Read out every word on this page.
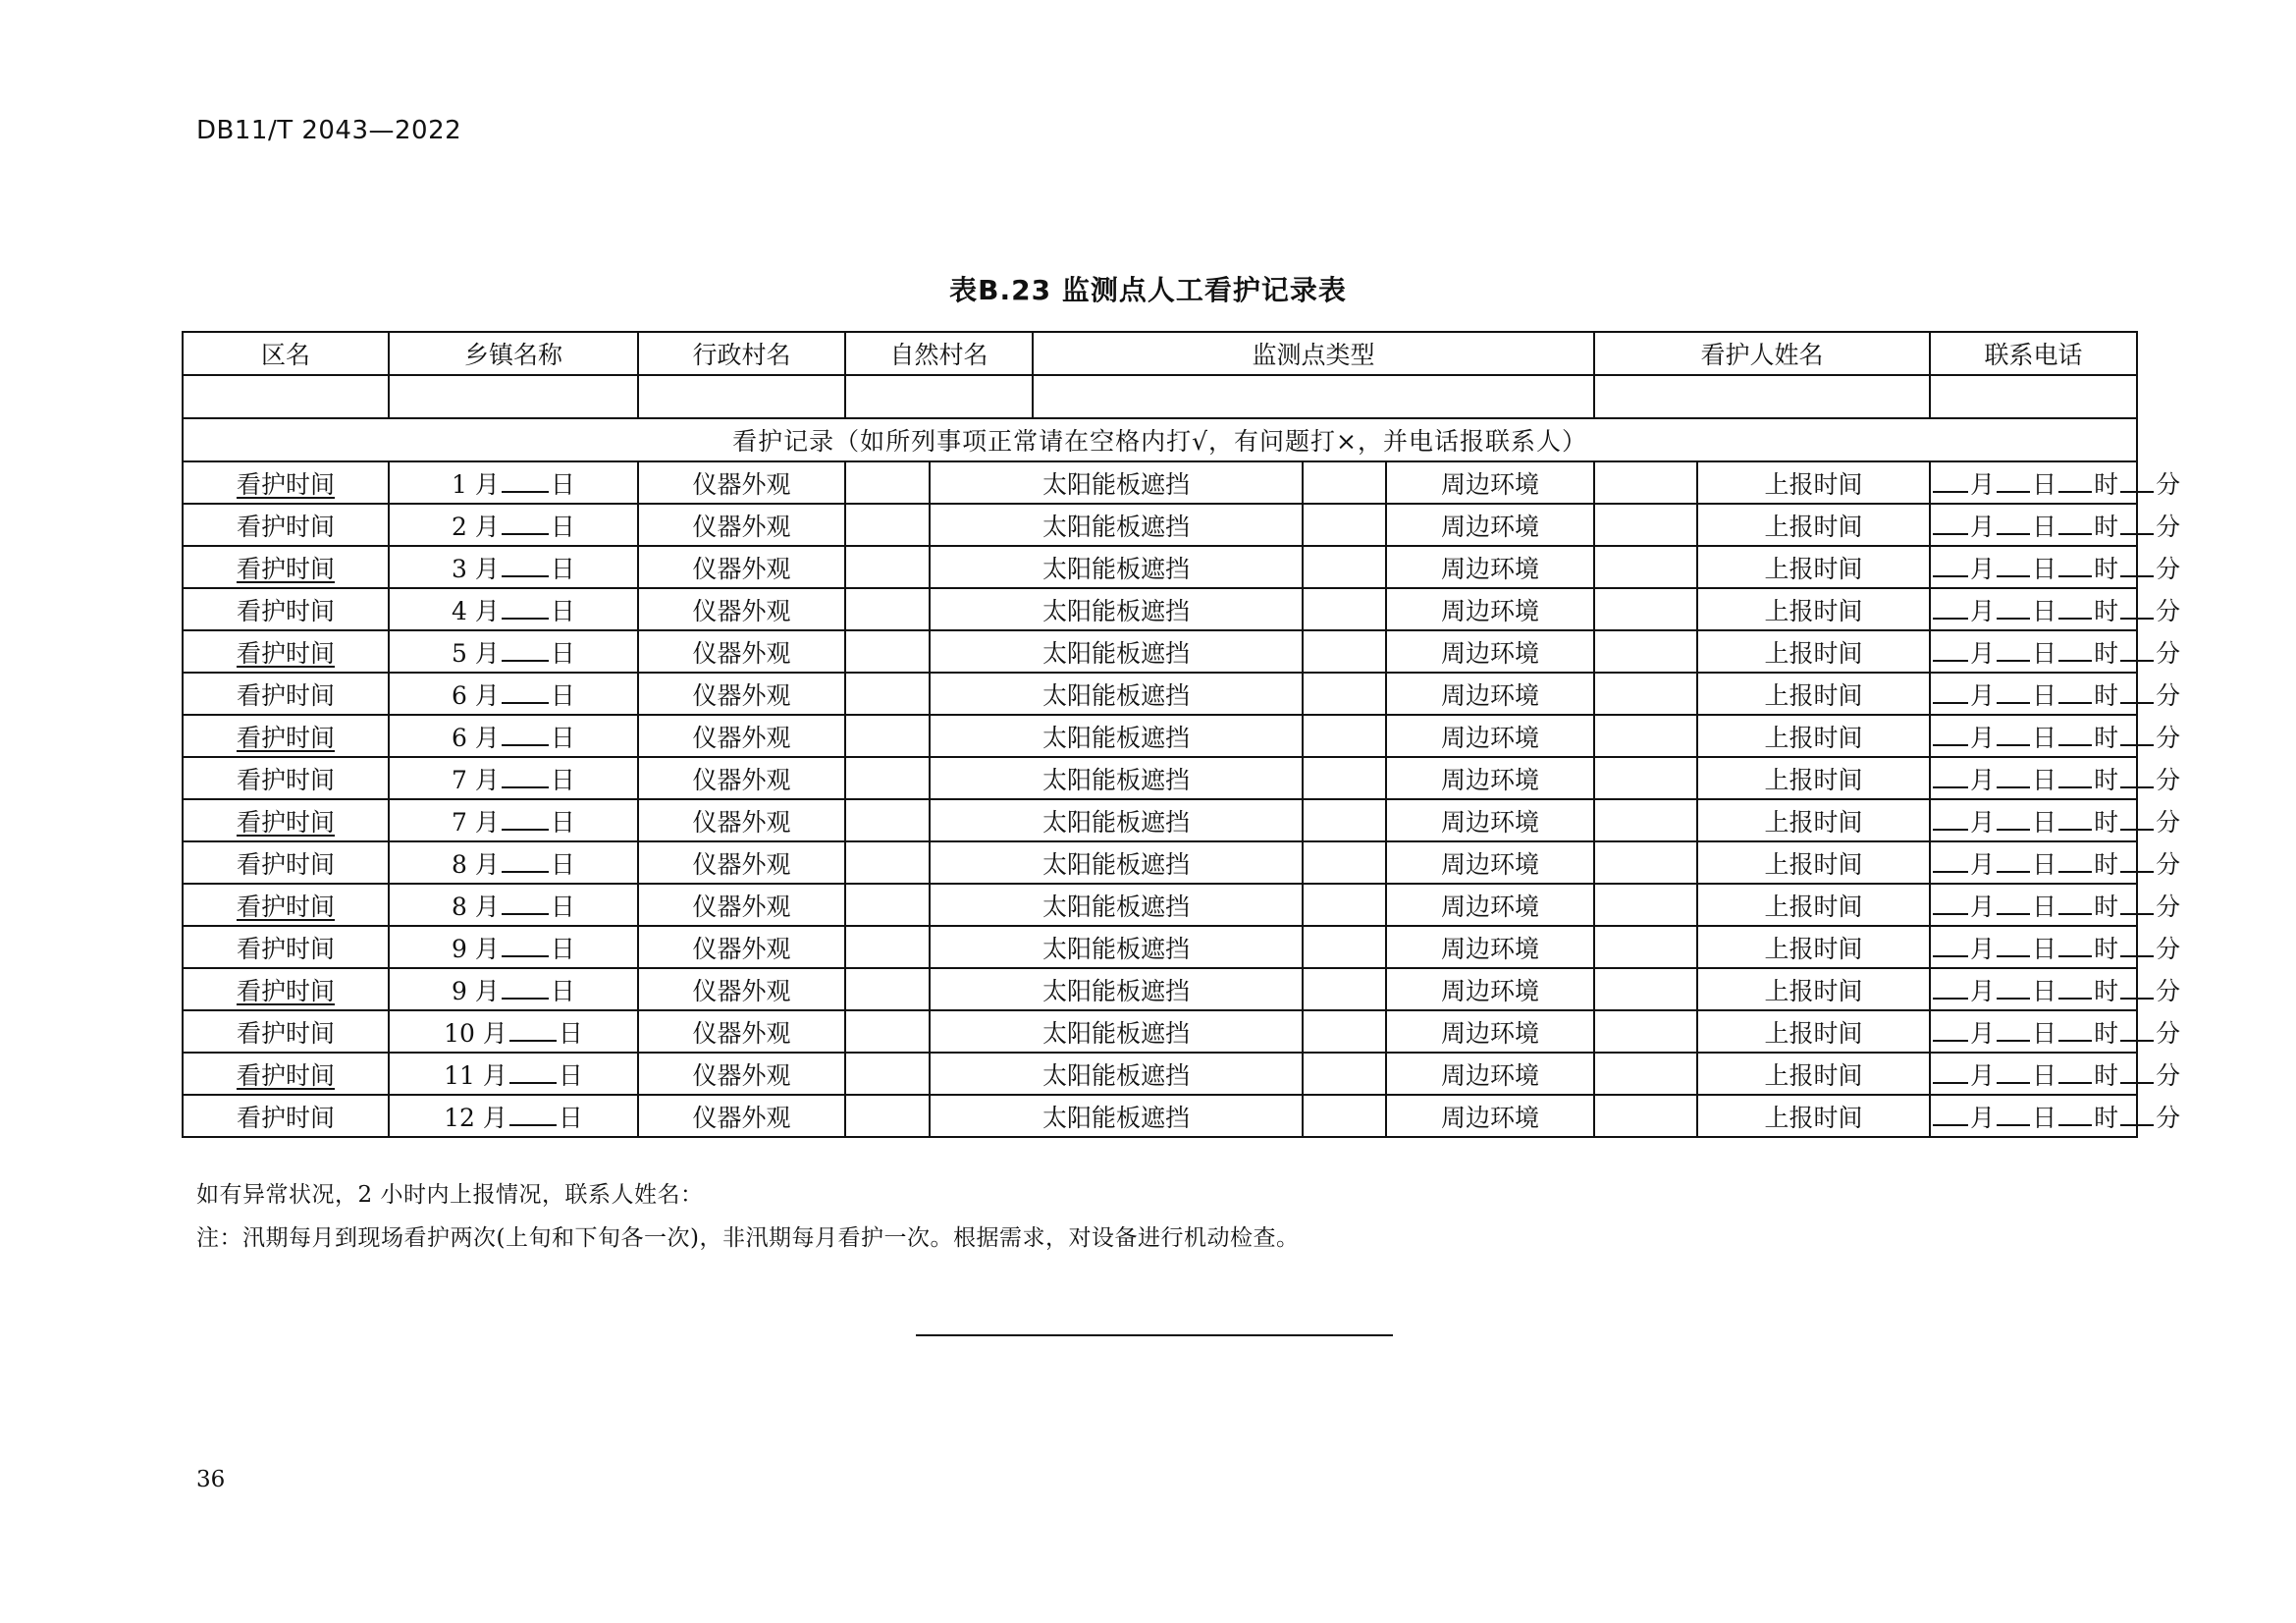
DB11/T 2043—2022
表B.23 监测点人工看护记录表
区名	乡镇名称	行政村名	自然村名		监测点类型			看护人姓名		联系电话

看护记录（如所列事项正常请在空格内打√，有问题打×，并电话报联系人）										
看护时间	1 月 日	仪器外观		太阳能板遮挡			周边环境		上报时间	月 日 时 分
看护时间	2 月 日	仪器外观		太阳能板遮挡			周边环境		上报时间	月 日 时 分
看护时间	3 月 日	仪器外观		太阳能板遮挡			周边环境		上报时间	月 日 时 分
看护时间	4 月 日	仪器外观		太阳能板遮挡			周边环境		上报时间	月 日 时 分
看护时间	5 月 日	仪器外观		太阳能板遮挡			周边环境		上报时间	月 日 时 分
看护时间	6 月 日	仪器外观		太阳能板遮挡			周边环境		上报时间	月 日 时 分
看护时间	6 月 日	仪器外观		太阳能板遮挡			周边环境		上报时间	月 日 时 分
看护时间	7 月 日	仪器外观		太阳能板遮挡			周边环境		上报时间	月 日 时 分
看护时间	7 月 日	仪器外观		太阳能板遮挡			周边环境		上报时间	月 日 时 分
看护时间	8 月 日	仪器外观		太阳能板遮挡			周边环境		上报时间	月 日 时 分
看护时间	8 月 日	仪器外观		太阳能板遮挡			周边环境		上报时间	月 日 时 分
看护时间	9 月 日	仪器外观		太阳能板遮挡			周边环境		上报时间	月 日 时 分
看护时间	9 月 日	仪器外观		太阳能板遮挡			周边环境		上报时间	月 日 时 分
看护时间	10 月 日	仪器外观		太阳能板遮挡			周边环境		上报时间	月 日 时 分
看护时间	11 月 日	仪器外观		太阳能板遮挡			周边环境		上报时间	月 日 时 分
看护时间	12 月 日	仪器外观		太阳能板遮挡			周边环境		上报时间	月 日 时 分
如有异常状况，2 小时内上报情况，联系人姓名：
注：汛期每月到现场看护两次(上旬和下旬各一次)，非汛期每月看护一次。根据需求，对设备进行机动检查。
36
